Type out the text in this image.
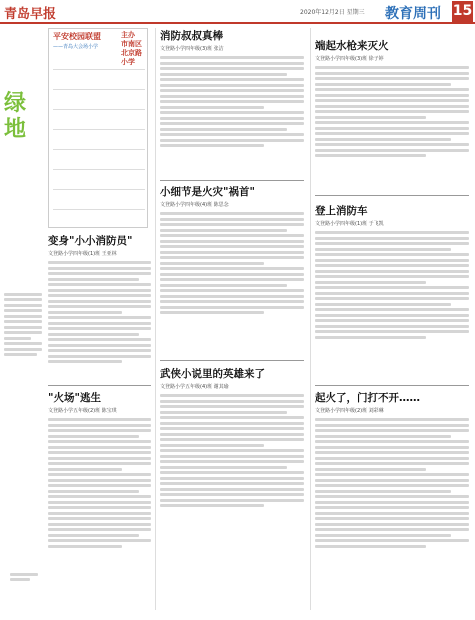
青岛早报	2020年12月2日 星期三 教育周刊 15
绿地
平安校园联盟
——青岛大会场小学
主办 市南区 北京路小学
变身"小小消防员"
文登路小学四年级(1)班 王亚林
"火场"逃生
文登路小学五年级(2)班 陈宝琪
消防叔叔真棒
文登路小学四年级(3)班 张洁
小细节是火灾"祸首"
文登路小学四年级(4)班 陈思念
武侠小说里的英雄来了
文登路小学五年级(4)班 谢其瑜
端起水枪来灭火
文登路小学四年级(3)班 徐子婷
登上消防车
文登路小学四年级(1)班 于飞凯
起火了，门打不开……
文登路小学四年级(2)班 刘彩琳
